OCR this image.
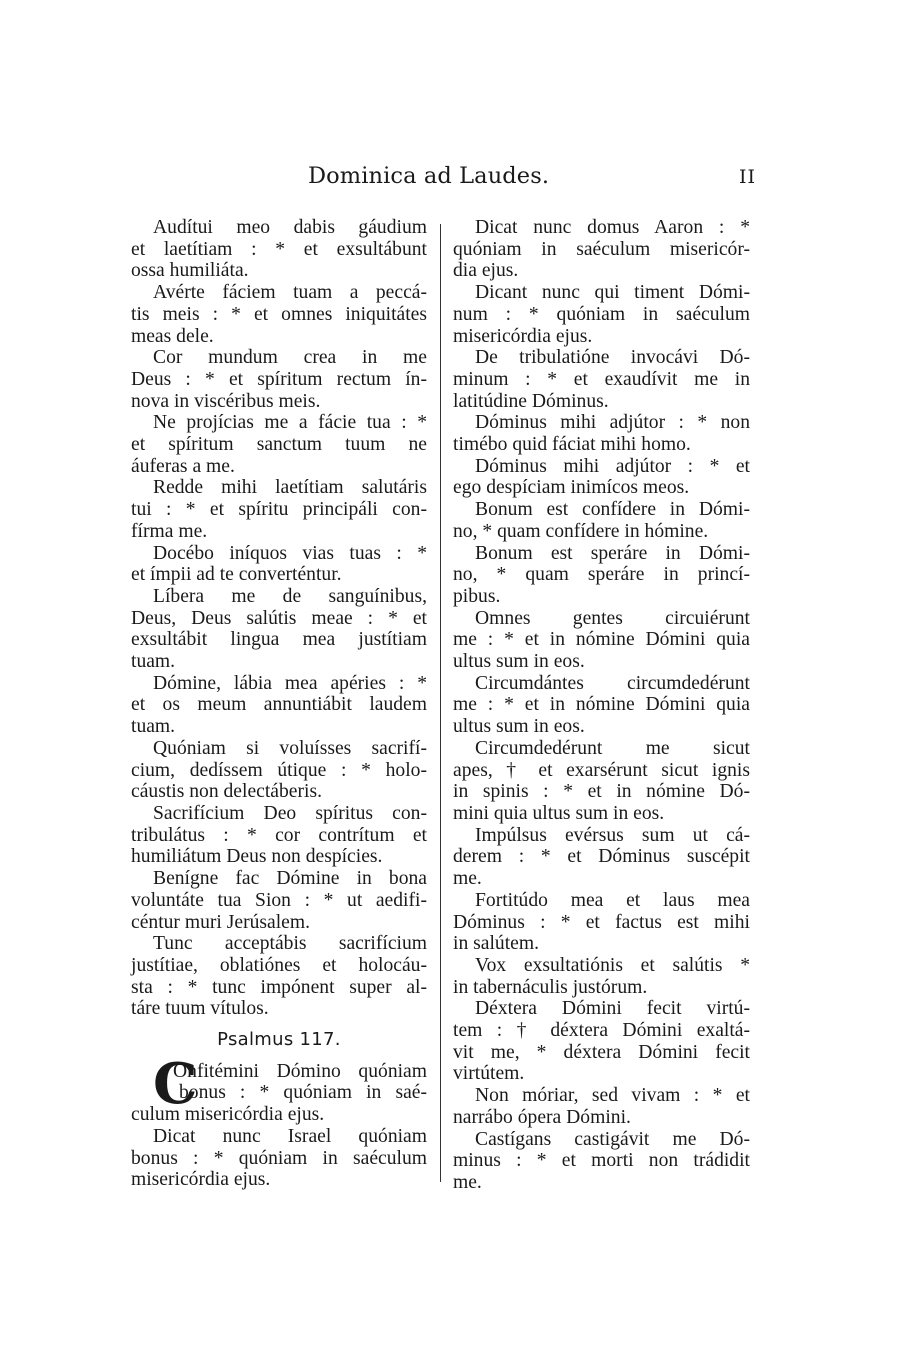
Dominica ad Laudes.	II
Audítui meo dabis gáudium
et laetítiam : * et exsultábunt
ossa humiliáta.
Avérte fáciem tuam a peccá-
tis meis : * et omnes iniquitátes
meas dele.
Cor mundum crea in me
Deus : * et spíritum rectum ín-
nova in viscéribus meis.
Ne projícias me a fácie tua : *
et spíritum sanctum tuum ne
áuferas a me.
Redde mihi laetítiam salutáris
tui : * et spíritu principáli con-
fírma me.
Docébo iníquos vias tuas : *
et ímpii ad te converténtur.
Líbera me de sanguínibus,
Deus, Deus salútis meae : * et
exsultábit lingua mea justítiam
tuam.
Dómine, lábia mea apéries : *
et os meum annuntiábit laudem
tuam.
Quóniam si voluísses sacrifí-
cium, dedíssem útique : * holo-
cáustis non delectáberis.
Sacrifícium Deo spíritus con-
tribulátus : * cor contrítum et
humiliátum Deus non despícies.
Benígne fac Dómine in bona
voluntáte tua Sion : * ut aedifi-
céntur muri Jerúsalem.
Tunc acceptábis sacrifícium
justítiae, oblatiónes et holocáu-
sta : * tunc impónent super al-
táre tuum vítulos.
Psalmus 117.
C
Onfitémini Dómino quóniam
bonus : * quóniam in saé-
culum misericórdia ejus.
Dicat nunc Israel quóniam
bonus : * quóniam in saéculum
misericórdia ejus.
Dicat nunc domus Aaron : *
quóniam in saéculum misericór-
dia ejus.
Dicant nunc qui timent Dómi-
num : * quóniam in saéculum
misericórdia ejus.
De tribulatióne invocávi Dó-
minum : * et exaudívit me in
latitúdine Dóminus.
Dóminus mihi adjútor : * non
timébo quid fáciat mihi homo.
Dóminus mihi adjútor : * et
ego despíciam inimícos meos.
Bonum est confídere in Dómi-
no, * quam confídere in hómine.
Bonum est speráre in Dómi-
no, * quam speráre in princí-
pibus.
Omnes gentes circuiérunt
me : * et in nómine Dómini quia
ultus sum in eos.
Circumdántes circumdedérunt
me : * et in nómine Dómini quia
ultus sum in eos.
Circumdedérunt me sicut
apes, † et exarsérunt sicut ignis
in spinis : * et in nómine Dó-
mini quia ultus sum in eos.
Impúlsus evérsus sum ut cá-
derem : * et Dóminus suscépit
me.
Fortitúdo mea et laus mea
Dóminus : * et factus est mihi
in salútem.
Vox exsultatiónis et salútis *
in tabernáculis justórum.
Déxtera Dómini fecit virtú-
tem : † déxtera Dómini exaltá-
vit me, * déxtera Dómini fecit
virtútem.
Non móriar, sed vivam : * et
narrábo ópera Dómini.
Castígans castigávit me Dó-
minus : * et morti non trádidit
me.
